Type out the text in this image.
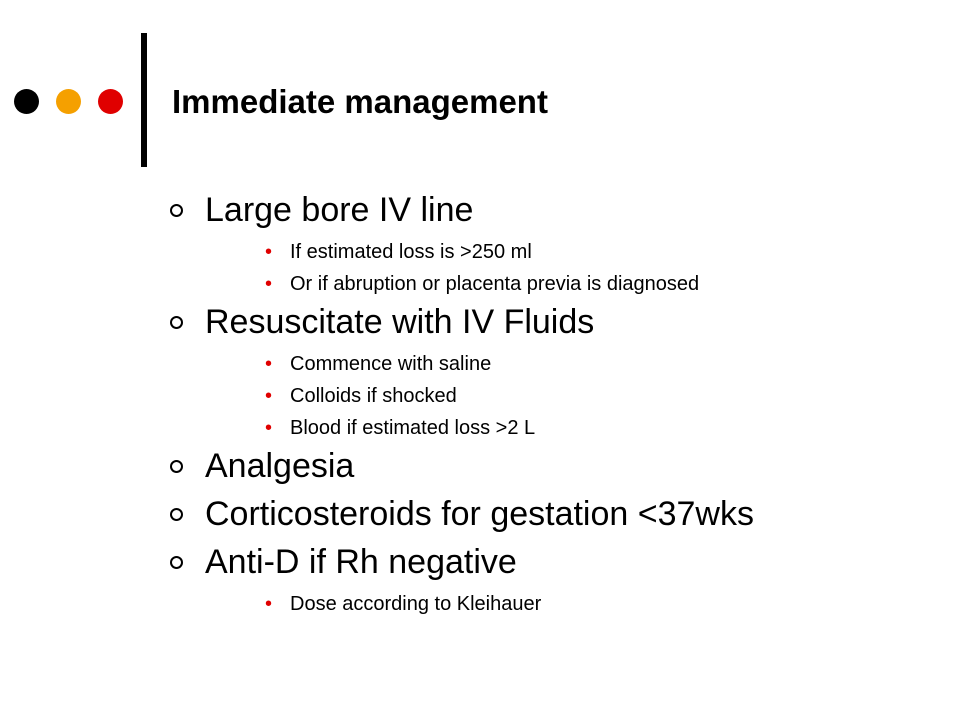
Immediate management
Large bore IV line
• If estimated loss is >250 ml
• Or if abruption or placenta previa is diagnosed
Resuscitate with IV Fluids
• Commence with saline
• Colloids if shocked
• Blood if estimated loss >2 L
Analgesia
Corticosteroids for gestation <37wks
Anti-D if Rh negative
• Dose according to Kleihauer
